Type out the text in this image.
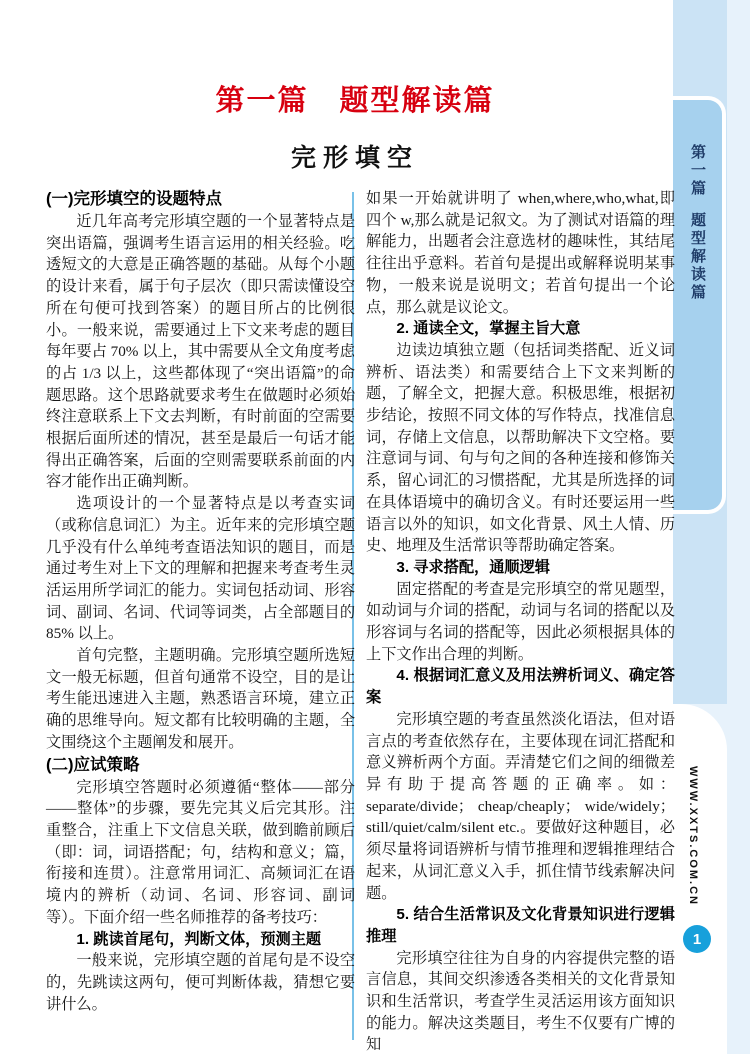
第一篇
题型解读篇
WWW.XXTS.COM.CN
1
第一篇　题型解读篇
完形填空
(一)完形填空的设题特点

近几年高考完形填空题的一个显著特点是突出语篇，强调考生语言运用的相关经验。吃透短文的大意是正确答题的基础。从每个小题的设计来看，属于句子层次（即只需读懂设空所在句便可找到答案）的题目所占的比例很小。一般来说，需要通过上下文来考虑的题目每年要占 70% 以上，其中需要从全文角度考虑的占 1/3 以上，这些都体现了“突出语篇”的命题思路。这个思路就要求考生在做题时必须始终注意联系上下文去判断，有时前面的空需要根据后面所述的情况，甚至是最后一句话才能得出正确答案，后面的空则需要联系前面的内容才能作出正确判断。

选项设计的一个显著特点是以考查实词（或称信息词汇）为主。近年来的完形填空题几乎没有什么单纯考查语法知识的题目，而是通过考生对上下文的理解和把握来考查考生灵活运用所学词汇的能力。实词包括动词、形容词、副词、名词、代词等词类，占全部题目的 85% 以上。

首句完整，主题明确。完形填空题所选短文一般无标题，但首句通常不设空，目的是让考生能迅速进入主题，熟悉语言环境，建立正确的思维导向。短文都有比较明确的主题，全文围绕这个主题阐发和展开。

(二)应试策略

完形填空答题时必须遵循“整体——部分——整体”的步骤，要先完其义后完其形。注重整合，注重上下文信息关联，做到瞻前顾后（即：词，词语搭配；句，结构和意义；篇，衔接和连贯）。注意常用词汇、高频词汇在语境内的辨析（动词、名词、形容词、副词等）。下面介绍一些名师推荐的备考技巧：

1. 跳读首尾句，判断文体，预测主题

一般来说，完形填空题的首尾句是不设空的，先跳读这两句，便可判断体裁，猜想它要讲什么。

如果一开始就讲明了 when,where,who,what,即四个 w,那么就是记叙文。为了测试对语篇的理解能力，出题者会注意选材的趣味性，其结尾往往出乎意料。若首句是提出或解释说明某事物，一般来说是说明文；若首句提出一个论点，那么就是议论文。

2. 通读全文，掌握主旨大意

边读边填独立题（包括词类搭配、近义词辨析、语法类）和需要结合上下文来判断的题，了解全文，把握大意。积极思维，根据初步结论，按照不同文体的写作特点，找准信息词，存储上文信息，以帮助解决下文空格。要注意词与词、句与句之间的各种连接和修饰关系，留心词汇的习惯搭配，尤其是所选择的词在具体语境中的确切含义。有时还要运用一些语言以外的知识，如文化背景、风土人情、历史、地理及生活常识等帮助确定答案。

3. 寻求搭配，通顺逻辑

固定搭配的考查是完形填空的常见题型，如动词与介词的搭配，动词与名词的搭配以及形容词与名词的搭配等，因此必须根据具体的上下文作出合理的判断。

4. 根据词汇意义及用法辨析词义、确定答案

完形填空题的考查虽然淡化语法，但对语言点的考查依然存在，主要体现在词汇搭配和意义辨析两个方面。弄清楚它们之间的细微差异有助于提高答题的正确率。如：separate/divide； cheap/cheaply； wide/widely； still/quiet/calm/silent etc.。要做好这种题目，必须尽量将词语辨析与情节推理和逻辑推理结合起来，从词汇意义入手，抓住情节线索解决问题。

5. 结合生活常识及文化背景知识进行逻辑推理

完形填空往往为自身的内容提供完整的语言信息，其间交织渗透各类相关的文化背景知识和生活常识，考查学生灵活运用该方面知识的能力。解决这类题目，考生不仅要有广博的知
